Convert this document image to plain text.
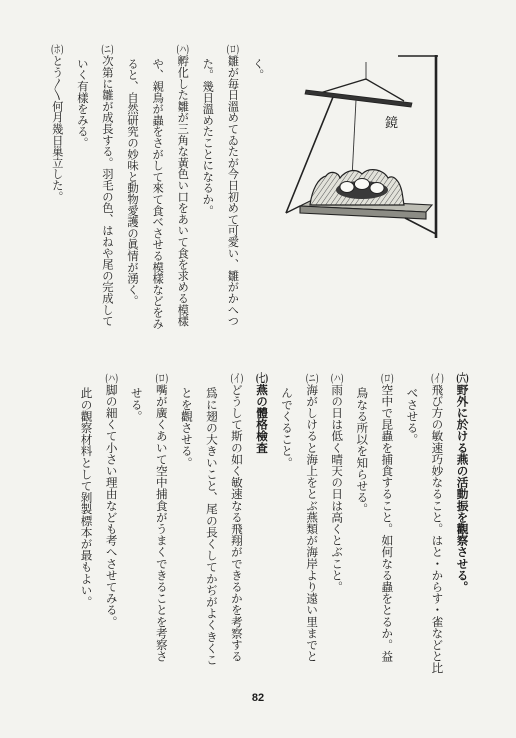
鏡
く。
(ロ)雛が毎日溫めてゐたが今日初めて可愛い、雛がかへつ
た。幾日溫めたことになるか。
(ハ)孵化した雛が三角な黃色い口をあいて食を求める模樣
や、親鳥が蟲をさがして來て食べさせる模樣などをみ
ると、自然研究の妙味と動物愛護の眞情が湧く。
(ニ)次第に雛が成長する。羽毛の色、はねや尾の完成して
いく有樣をみる。
(ホ)とう〳〵何月幾日巢立した。
(六)野外に於ける燕の活動振を觀察させる。
(イ)飛び方の敏速巧妙なること。はと・からす・雀などと比
べさせる。
(ロ)空中で昆蟲を捕食すること。如何なる蟲をとるか。益
鳥なる所以を知らせる。
(ハ)雨の日は低く晴天の日は高くとぶこと。
(ニ)海がしけると海上をとぶ燕類が海岸より遠い里までと
んでくること。
(七)燕の體格檢査
(イ)どうして斯の如く敏速なる飛翔ができるかを考察する
爲に翅の大きいこと、尾の長くしてかぢがよくきくこ
とを觀させる。
(ロ)嘴が廣くあいて空中捕食がうまくできることを考察さ
せる。
(ハ)脚の細くて小さい理由なども考へさせてみる。
此の觀察材料として剝製標本が最もよい。
82
